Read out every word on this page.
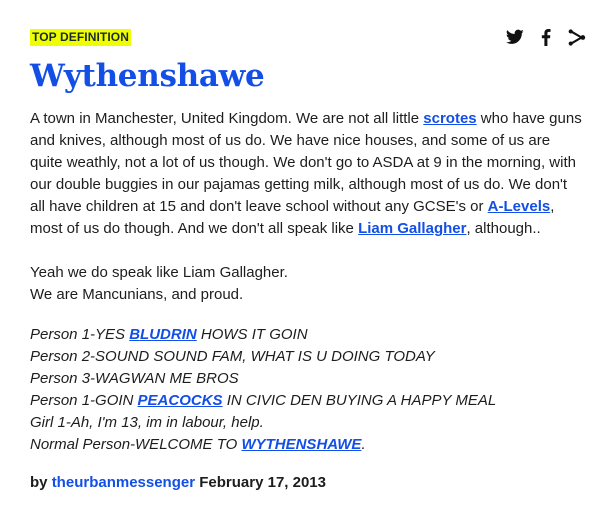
TOP DEFINITION
Wythenshawe

A town in Manchester, United Kingdom. We are not all little scrotes who have guns and knives, although most of us do. We have nice houses, and some of us are quite weathly, not a lot of us though. We don't go to ASDA at 9 in the morning, with our double buggies in our pajamas getting milk, although most of us do. We don't all have children at 15 and don't leave school without any GCSE's or A-Levels, most of us do though. And we don't all speak like Liam Gallagher, although..

Yeah we do speak like Liam Gallagher.
We are Mancunians, and proud.

Person 1-YES BLUDRIN HOWS IT GOIN
Person 2-SOUND SOUND FAM, WHAT IS U DOING TODAY
Person 3-WAGWAN ME BROS
Person 1-GOIN PEACOCKS IN CIVIC DEN BUYING A HAPPY MEAL
Girl 1-Ah, I'm 13, im in labour, help.
Normal Person-WELCOME TO WYTHENSHAWE.
by theurbanmessenger February 17, 2013
